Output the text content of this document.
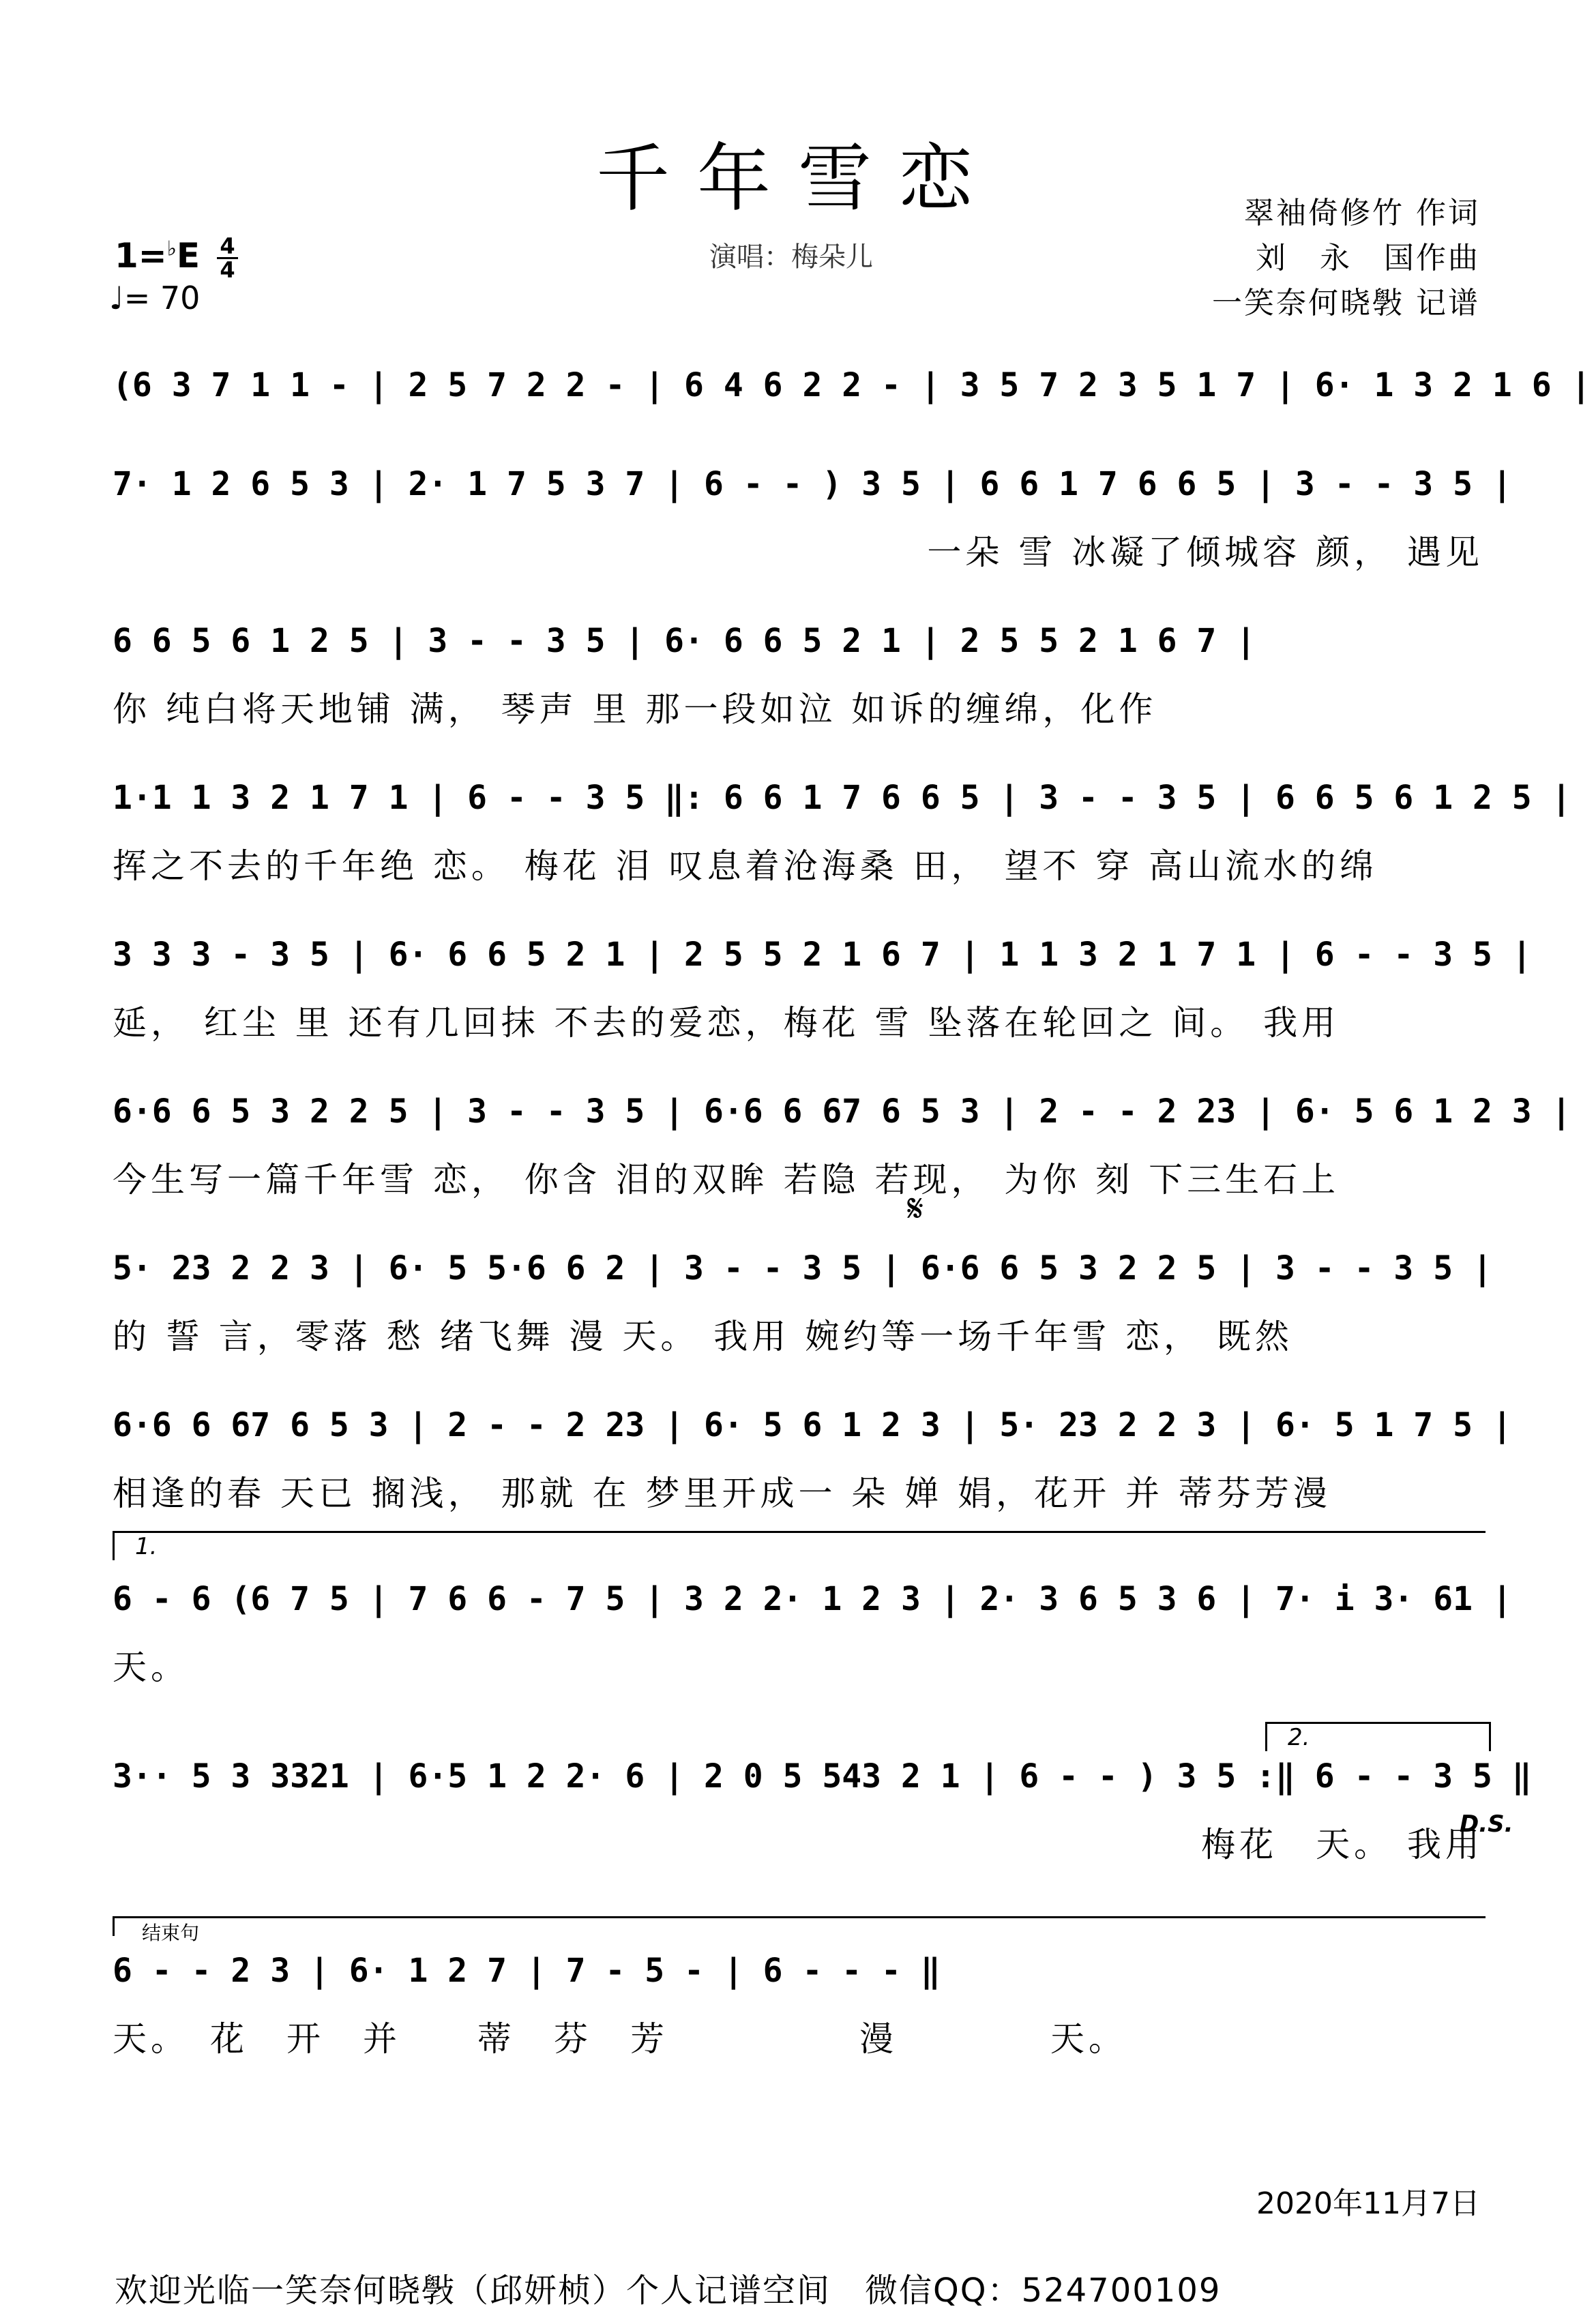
千年雪恋	翠袖倚修竹 作词
刘　永　国作曲
一笑奈何晓斅 记谱
$1=^♭E \frac{4}{4}$
♩= 70
演唱：梅朵儿
(6 3 7 1 1 - | 2 5 7 2 2 - | 6 4 6 2 2 - | 3 5 7 2 3 5 1 7 | 6· 1 3 2 1 6 |
7· 1 2 6 5 3 | 2· 1 7 5 3 7 | 6 - - ) 3 5 | 6 6 1 7 6 6 5 | 3 - - 3 5 |
一朵 雪 冰凝了倾城容 颜， 遇见
6 6 5 6 1 2 5 | 3 - - 3 5 | 6· 6 6 5 2 1 | 2 5 5 2 1 6 7 |
你 纯白将天地铺 满， 琴声 里 那一段如泣 如诉的缠绵，化作
1·1 1 3 2 1 7 1 | 6 - - 3 5 ‖: 6 6 1 7 6 6 5 | 3 - - 3 5 | 6 6 5 6 1 2 5 |
挥之不去的千年绝 恋。 梅花 泪 叹息着沧海桑 田， 望不 穿 高山流水的绵
3 3 3 - 3 5 | 6· 6 6 5 2 1 | 2 5 5 2 1 6 7 | 1 1 3 2 1 7 1 | 6 - - 3 5 |
延， 红尘 里 还有几回抹 不去的爱恋，梅花 雪 坠落在轮回之 间。 我用
6·6 6 5 3 2 2 5 | 3 - - 3 5 | 6·6 6 67 6 5 3 | 2 - - 2 23 | 6· 5 6 1 2 3 |
今生写一篇千年雪 恋， 你含 泪的双眸 若隐 若现， 为你 刻 下三生石上
𝄋
5· 23 2 2 3 | 6· 5 5·6 6 2 | 3 - - 3 5 | 6·6 6 5 3 2 2 5 | 3 - - 3 5 |
的 誓 言，零落 愁 绪飞舞 漫 天。 我用 婉约等一场千年雪 恋， 既然
6·6 6 67 6 5 3 | 2 - - 2 23 | 6· 5 6 1 2 3 | 5· 23 2 2 3 | 6· 5 1 7 5 |
相逢的春 天已 搁浅， 那就 在 梦里开成一 朵 婵 娟，花开 并 蒂芬芳漫
1.
6 - 6 (6 7 5 | 7 6 6 - 7 5 | 3 2 2· 1 2 3 | 2· 3 6 5 3 6 | 7· i 3· 61 |
天。
2.
3·· 5 3 3321 | 6·5 1 2 2· 6 | 2 0 5 543 2 1 | 6 - - ) 3 5 :‖ 6 - - 3 5 ‖
梅花　天。 我用
D.S.
结束句
6 - - 2 3 | 6· 1 2 7 | 7 - 5 - | 6 - - - ‖
天。　花　开　并　　蒂　芬　芳　　　　　漫　　　　天。
2020年11月7日
欢迎光临一笑奈何晓斅（邱妍桢）个人记谱空间　微信QQ：524700109
